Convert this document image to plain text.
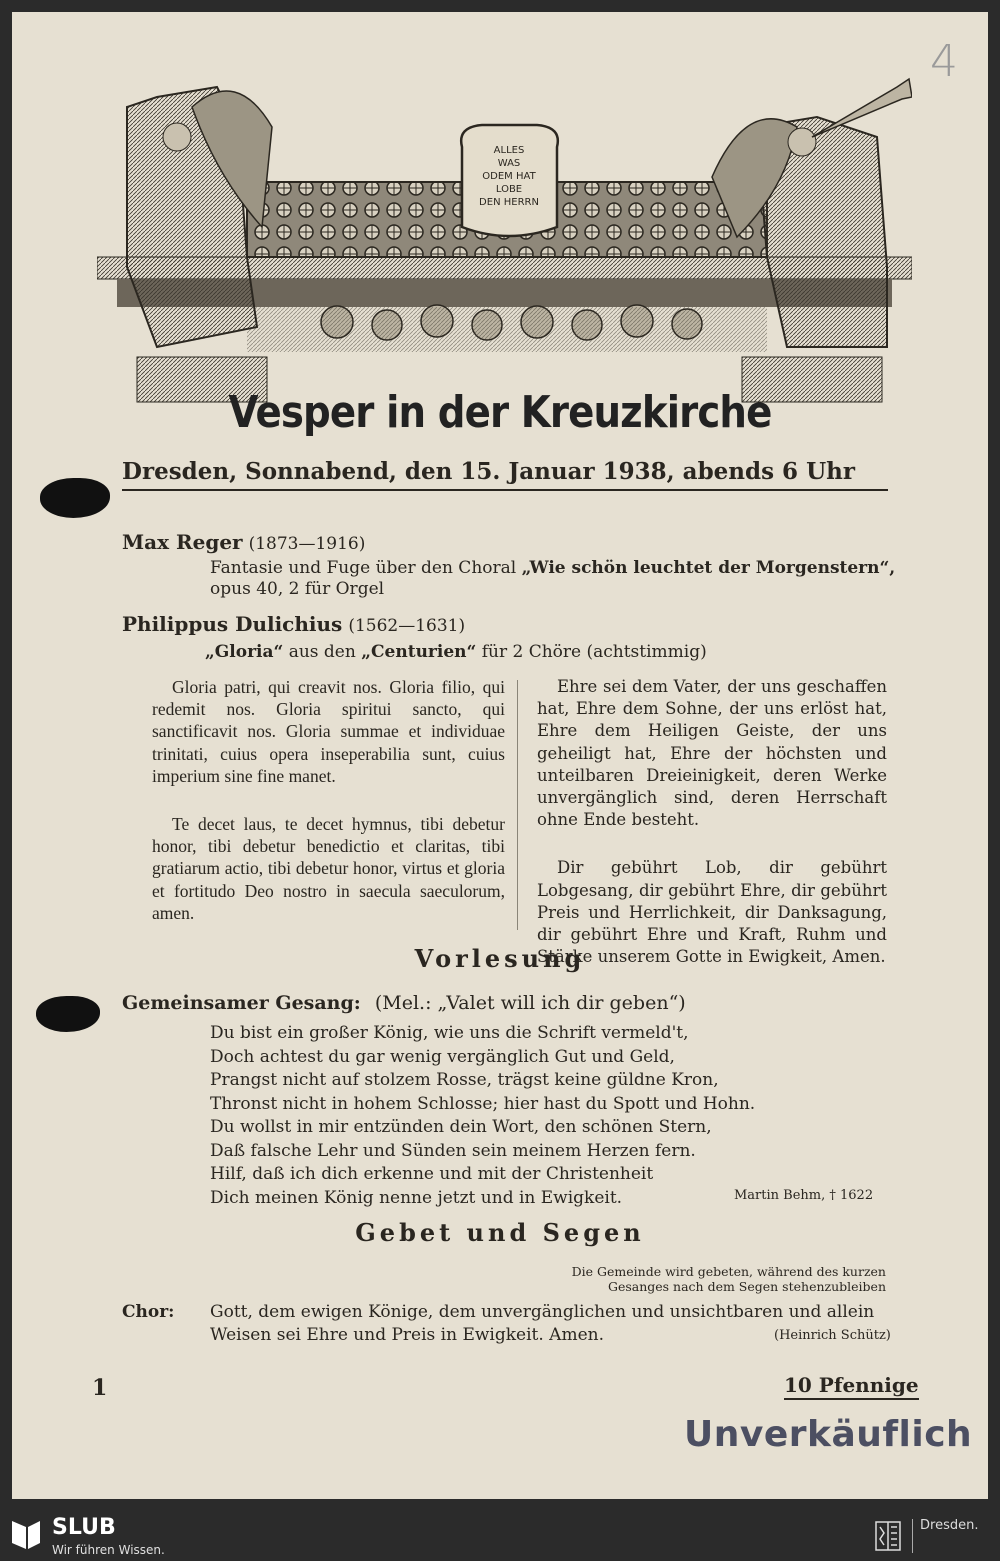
4
ALLES
WAS
ODEM HAT
LOBE
DEN HERRN
Vesper in der Kreuzkirche
Dresden, Sonnabend, den 15. Januar 1938, abends 6 Uhr
Max Reger (1873—1916)
Fantasie und Fuge über den Choral „Wie schön leuchtet der Morgenstern“,
opus 40, 2 für Orgel
Philippus Dulichius (1562—1631)
„Gloria“ aus den „Centurien“ für 2 Chöre (achtstimmig)

Gloria patri, qui creavit nos. Gloria filio, qui redemit nos. Gloria spiritui sancto, qui sanctificavit nos. Gloria summae et individuae trinitati, cuius opera inseperabilia sunt, cuius imperium sine fine manet.

Te decet laus, te decet hymnus, tibi debetur honor, tibi debetur benedictio et claritas, tibi gratiarum actio, tibi debetur honor, virtus et gloria et fortitudo Deo nostro in saecula saeculorum, amen.

Ehre sei dem Vater, der uns geschaffen hat, Ehre dem Sohne, der uns erlöst hat, Ehre dem Heiligen Geiste, der uns geheiligt hat, Ehre der höchsten und unteilbaren Dreieinigkeit, deren Werke unvergänglich sind, deren Herrschaft ohne Ende besteht.

Dir gebührt Lob, dir gebührt Lobgesang, dir gebührt Ehre, dir gebührt Preis und Herrlichkeit, dir Danksagung, dir gebührt Ehre und Kraft, Ruhm und Stärke unserem Gotte in Ewigkeit, Amen.

Vorlesung
Gemeinsamer Gesang: (Mel.: „Valet will ich dir geben“)
Du bist ein großer König, wie uns die Schrift vermeld't,
Doch achtest du gar wenig vergänglich Gut und Geld,
Prangst nicht auf stolzem Rosse, trägst keine güldne Kron,
Thronst nicht in hohem Schlosse; hier hast du Spott und Hohn.
Du wollst in mir entzünden dein Wort, den schönen Stern,
Daß falsche Lehr und Sünden sein meinem Herzen fern.
Hilf, daß ich dich erkenne und mit der Christenheit
Dich meinen König nenne jetzt und in Ewigkeit.	Martin Behm, † 1622
Gebet und Segen
Die Gemeinde wird gebeten, während des kurzen
Gesanges nach dem Segen stehenzubleiben
Chor: Gott, dem ewigen Könige, dem unvergänglichen und unsichtbaren und allein
Weisen sei Ehre und Preis in Ewigkeit. Amen.	(Heinrich Schütz)
1	10 Pfennige
Unverkäuflich
SLUB
Wir führen Wissen.
Dresden.
